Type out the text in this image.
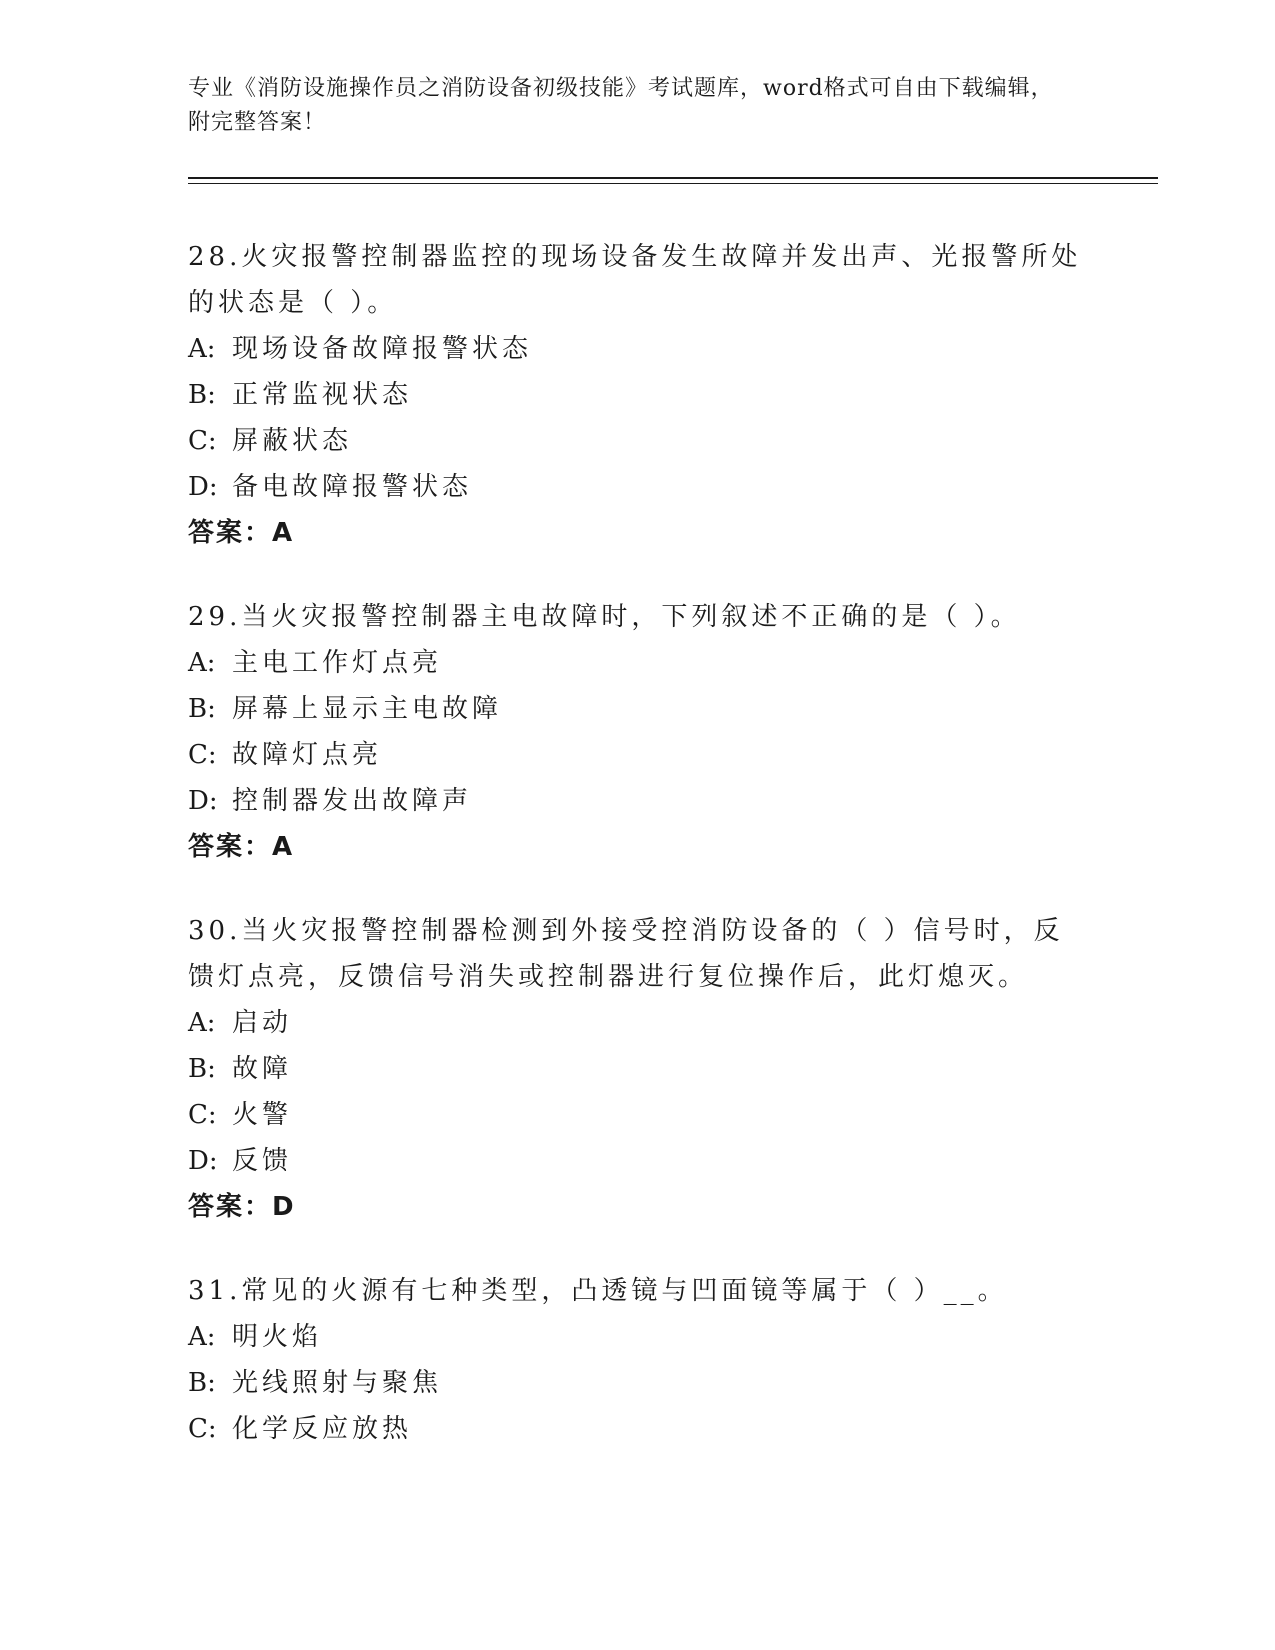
专业《消防设施操作员之消防设备初级技能》考试题库，word格式可自由下载编辑，附完整答案！
28.火灾报警控制器监控的现场设备发生故障并发出声、光报警所处的状态是（ ）。
A: 现场设备故障报警状态
B: 正常监视状态
C: 屏蔽状态
D: 备电故障报警状态
答案：A
29.当火灾报警控制器主电故障时，下列叙述不正确的是（ ）。
A: 主电工作灯点亮
B: 屏幕上显示主电故障
C: 故障灯点亮
D: 控制器发出故障声
答案：A
30.当火灾报警控制器检测到外接受控消防设备的（ ）信号时，反馈灯点亮，反馈信号消失或控制器进行复位操作后，此灯熄灭。
A: 启动
B: 故障
C: 火警
D: 反馈
答案：D
31.常见的火源有七种类型，凸透镜与凹面镜等属于（ ）__。
A: 明火焰
B: 光线照射与聚焦
C: 化学反应放热
